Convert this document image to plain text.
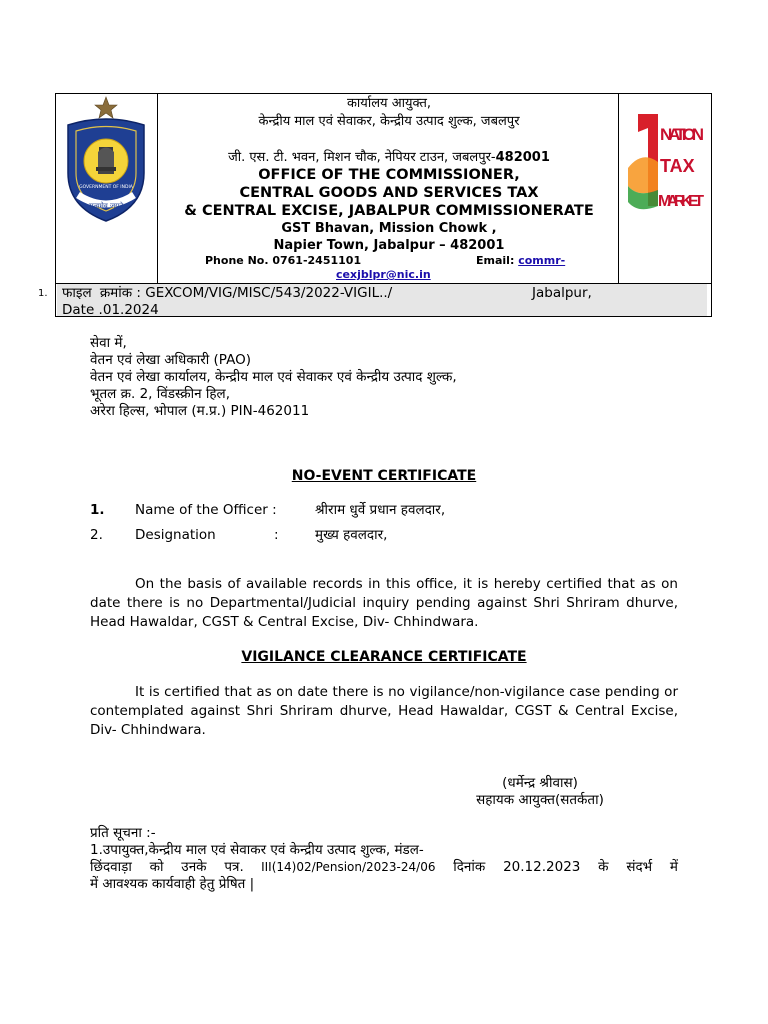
सत्यमेव जयते
GOVERNMENT OF INDIA
NATION
TAX
MARKET
कार्यालय आयुक्त,
केन्द्रीय माल एवं सेवाकर, केन्द्रीय उत्पाद शुल्क, जबलपुर
जी. एस. टी. भवन, मिशन चौक, नेपियर टाउन, जबलपुर-482001
OFFICE OF THE COMMISSIONER,
CENTRAL GOODS AND SERVICES TAX
& CENTRAL EXCISE, JABALPUR COMMISSIONERATE
GST Bhavan, Mission Chowk ,
Napier Town, Jabalpur – 482001
Phone No. 0761-2451101	Email: commr-
cexjblpr@nic.in
1. फाइल क्रमांक : GEXCOM/VIG/MISC/543/2022-VIGIL../	Jabalpur,
Date .01.2024
सेवा में,
वेतन एवं लेखा अधिकारी (PAO)
वेतन एवं लेखा कार्यालय, केन्द्रीय माल एवं सेवाकर एवं केन्द्रीय उत्पाद शुल्क,
भूतल क्र. 2, विंडस्क्रीन हिल,
अरेरा हिल्स, भोपाल (म.प्र.) PIN-462011
NO-EVENT CERTIFICATE
1. Name of the Officer :	श्रीराम धुर्वे प्रधान हवलदार,
2. Designation	:	मुख्य हवलदार,
On the basis of available records in this office, it is hereby certified that as on date there is no Departmental/Judicial inquiry pending against Shri Shriram dhurve, Head Hawaldar, CGST & Central Excise, Div- Chhindwara.
VIGILANCE CLEARANCE CERTIFICATE
It is certified that as on date there is no vigilance/non-vigilance case pending or contemplated against Shri Shriram dhurve, Head Hawaldar, CGST & Central Excise, Div- Chhindwara.
(धर्मेन्द्र श्रीवास)
सहायक आयुक्त(सतर्कता)
प्रति सूचना :-
1.उपायुक्त,केन्द्रीय माल एवं सेवाकर एवं केन्द्रीय उत्पाद शुल्क, मंडल-
छिंदवाड़ा को उनके पत्र. III(14)02/Pension/2023-24/06 दिनांक 20.12.2023 के संदर्भ में
में आवश्यक कार्यवाही हेतु प्रेषित |
